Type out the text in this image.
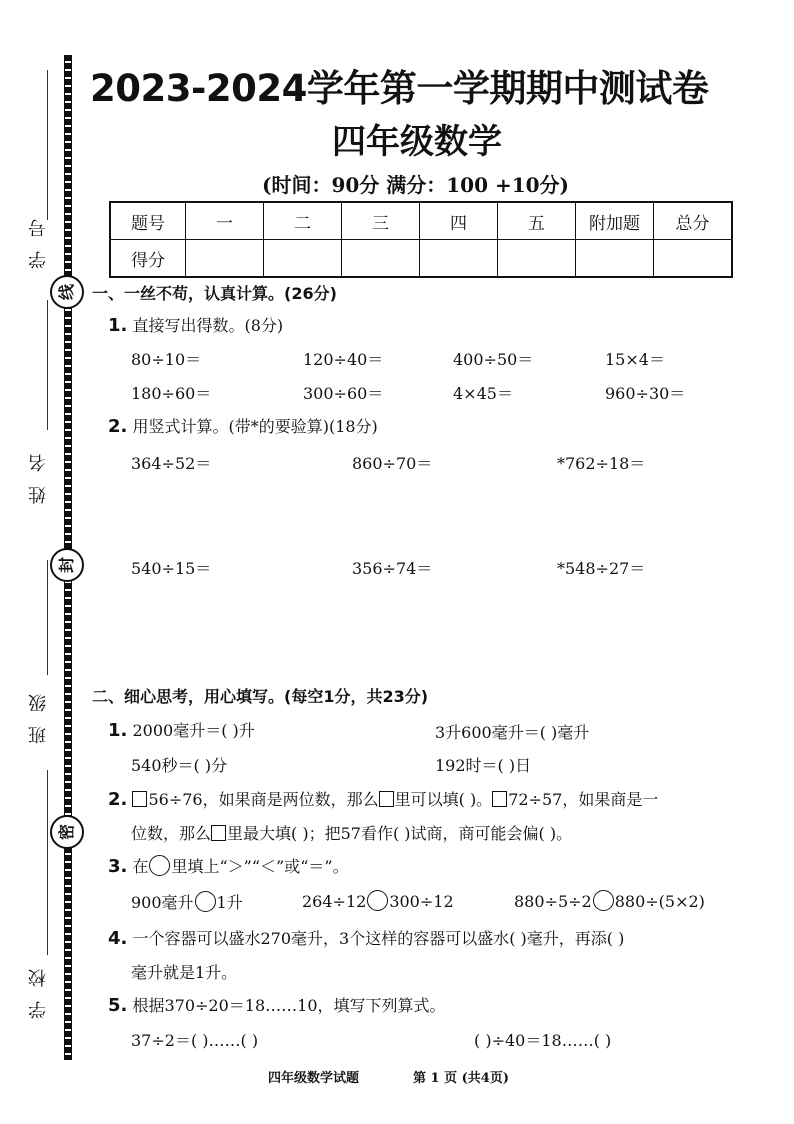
学号
姓名
班级
学校
线
封
密
2023-2024学年第一学期期中测试卷
四年级数学
(时间：90分 满分：100 +10分)
题号	一	二	三	四	五	附加题	总分
得分							
一、一丝不苟，认真计算。(26分)
1. 直接写出得数。(8分)
80÷10＝	120÷40＝	400÷50＝	15×4＝
180÷60＝	300÷60＝	4×45＝	960÷30＝
2. 用竖式计算。(带*的要验算)(18分)
364÷52＝	860÷70＝	*762÷18＝
540÷15＝	356÷74＝	*548÷27＝
二、细心思考，用心填写。(每空1分，共23分)
1. 2000毫升＝( )升	3升600毫升＝( )毫升
540秒＝( )分	192时＝( )日
2. 56÷76，如果商是两位数，那么 里可以填( )。 72÷57，如果商是一
位数，那么 里最大填( )；把57看作( )试商，商可能会偏( )。
3. 在 里填上“＞”“＜”或“＝”。
900毫升 1升	264÷12 300÷12	880÷5÷2 880÷(5×2)
4. 一个容器可以盛水270毫升，3个这样的容器可以盛水( )毫升，再添( )
毫升就是1升。
5. 根据370÷20＝18……10，填写下列算式。
37÷2＝( )……( )	( )÷40＝18……( )
四年级数学试题	第 1 页 (共4页)
